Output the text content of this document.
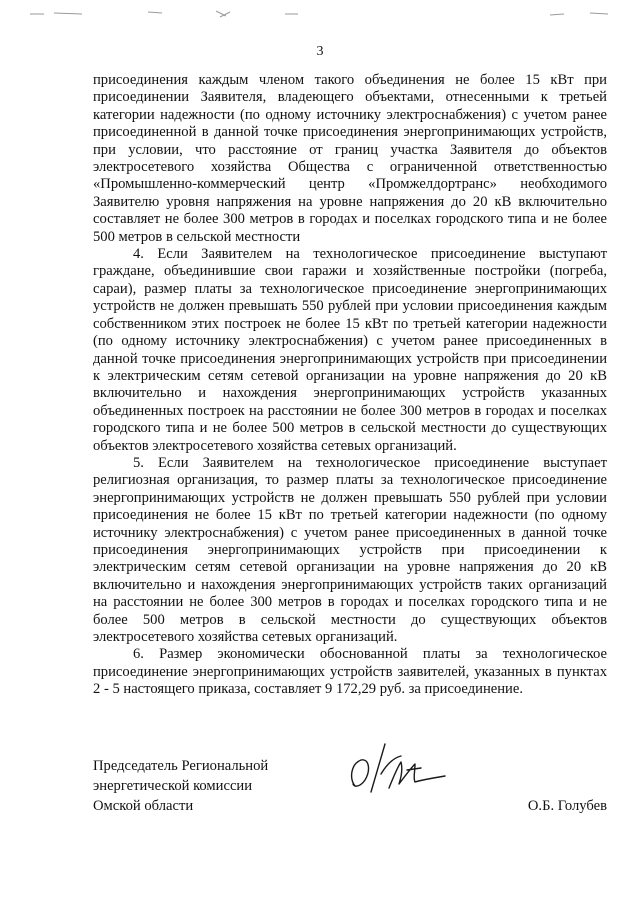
3

присоединения каждым членом такого объединения не более 15 кВт при присоединении Заявителя, владеющего объектами, отнесенными к третьей категории надежности (по одному источнику электроснабжения) с учетом ранее присоединенной в данной точке присоединения энергопринимающих устройств, при условии, что расстояние от границ участка Заявителя до объектов электросетевого хозяйства Общества с ограниченной ответственностью «Промышленно-коммерческий центр «Промжелдортранс» необходимого Заявителю уровня напряжения на уровне напряжения до 20 кВ включительно составляет не более 300 метров в городах и поселках городского типа и не более 500 метров в сельской местности

4. Если Заявителем на технологическое присоединение выступают граждане, объединившие свои гаражи и хозяйственные постройки (погреба, сараи), размер платы за технологическое присоединение энергопринимающих устройств не должен превышать 550 рублей при условии присоединения каждым собственником этих построек не более 15 кВт по третьей категории надежности (по одному источнику электроснабжения) с учетом ранее присоединенных в данной точке присоединения энергопринимающих устройств при присоединении к электрическим сетям сетевой организации на уровне напряжения до 20 кВ включительно и нахождения энергопринимающих устройств указанных объединенных построек на расстоянии не более 300 метров в городах и поселках городского типа и не более 500 метров в сельской местности до существующих объектов электросетевого хозяйства сетевых организаций.

5. Если Заявителем на технологическое присоединение выступает религиозная организация, то размер платы за технологическое присоединение энергопринимающих устройств не должен превышать 550 рублей при условии присоединения не более 15 кВт по третьей категории надежности (по одному источнику электроснабжения) с учетом ранее присоединенных в данной точке присоединения энергопринимающих устройств при присоединении к электрическим сетям сетевой организации на уровне напряжения до 20 кВ включительно и нахождения энергопринимающих устройств таких организаций на расстоянии не более 300 метров в городах и поселках городского типа и не более 500 метров в сельской местности до существующих объектов электросетевого хозяйства сетевых организаций.

6. Размер экономически обоснованной платы за технологическое присоединение энергопринимающих устройств заявителей, указанных в пунктах 2 - 5 настоящего приказа, составляет 9 172,29 руб. за присоединение.

Председатель Региональной
энергетической комиссии
Омской области	О.Б. Голубев
